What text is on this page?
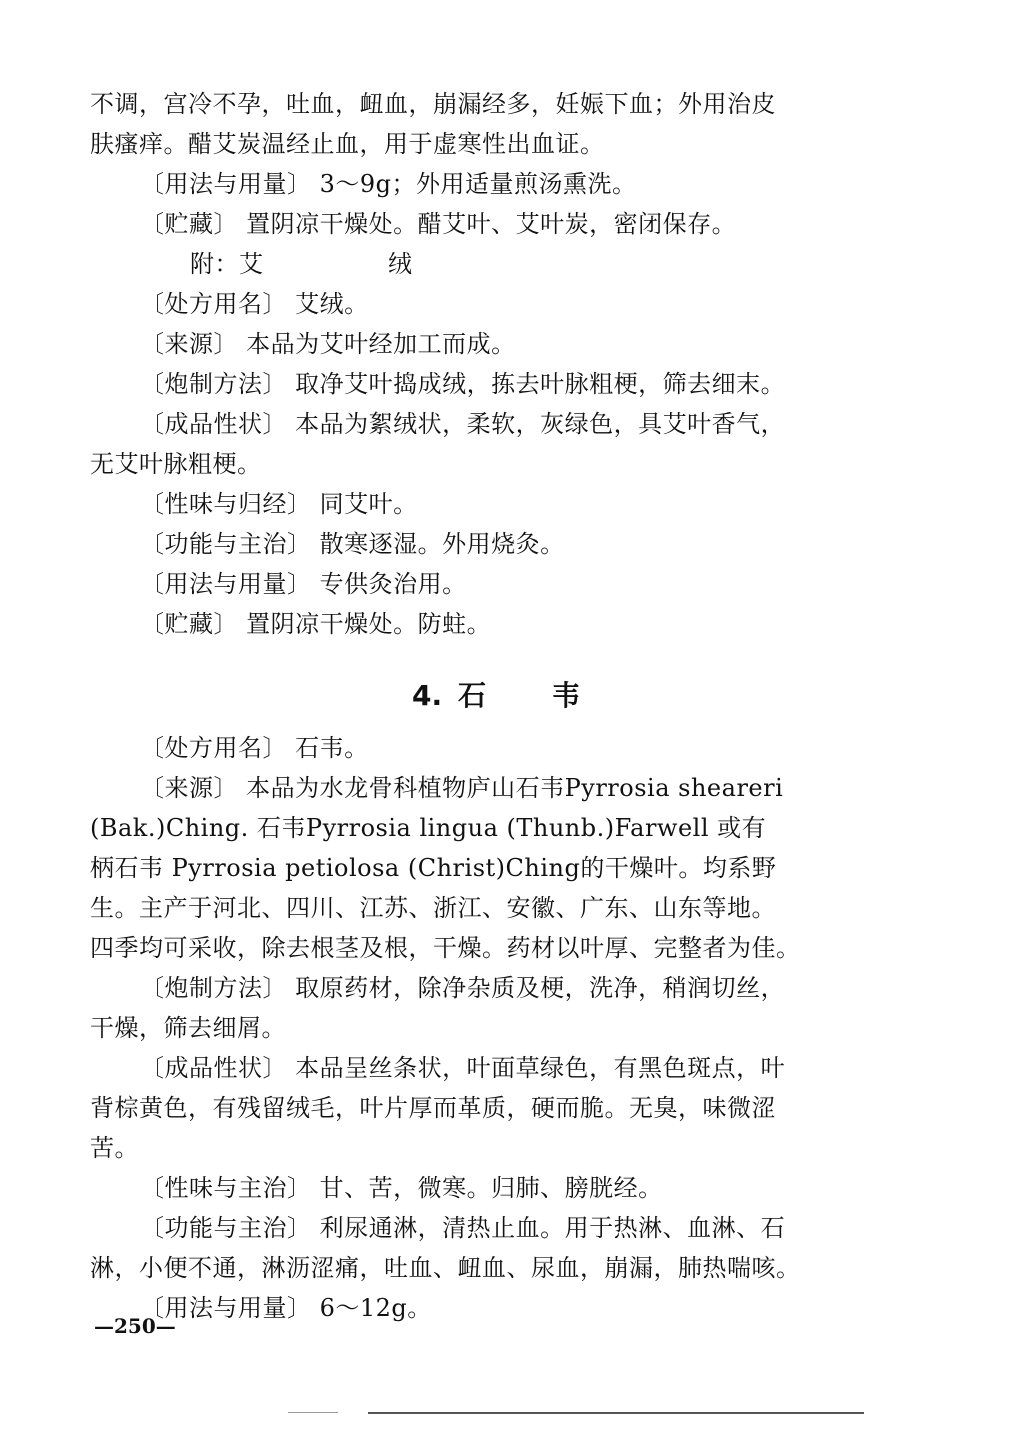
不调，宫冷不孕，吐血，衄血，崩漏经多，妊娠下血；外用治皮
肤瘙痒。醋艾炭温经止血，用于虚寒性出血证。
〔用法与用量〕 3～9g；外用适量煎汤熏洗。
〔贮藏〕 置阴凉干燥处。醋艾叶、艾叶炭，密闭保存。
附：艾	绒
〔处方用名〕 艾绒。
〔来源〕 本品为艾叶经加工而成。
〔炮制方法〕 取净艾叶捣成绒，拣去叶脉粗梗，筛去细末。
〔成品性状〕 本品为絮绒状，柔软，灰绿色，具艾叶香气，
无艾叶脉粗梗。
〔性味与归经〕 同艾叶。
〔功能与主治〕 散寒逐湿。外用烧灸。
〔用法与用量〕 专供灸治用。
〔贮藏〕 置阴凉干燥处。防蛀。
4. 石 韦
〔处方用名〕 石韦。
〔来源〕 本品为水龙骨科植物庐山石韦Pyrrosia sheareri
(Bak.)Ching. 石韦Pyrrosia lingua (Thunb.)Farwell 或有
柄石韦 Pyrrosia petiolosa (Christ)Ching的干燥叶。均系野
生。主产于河北、四川、江苏、浙江、安徽、广东、山东等地。
四季均可采收，除去根茎及根，干燥。药材以叶厚、完整者为佳。
〔炮制方法〕 取原药材，除净杂质及梗，洗净，稍润切丝，
干燥，筛去细屑。
〔成品性状〕 本品呈丝条状，叶面草绿色，有黑色斑点，叶
背棕黄色，有残留绒毛，叶片厚而革质，硬而脆。无臭，味微涩
苦。
〔性味与主治〕 甘、苦，微寒。归肺、膀胱经。
〔功能与主治〕 利尿通淋，清热止血。用于热淋、血淋、石
淋，小便不通，淋沥涩痛，吐血、衄血、尿血，崩漏，肺热喘咳。
〔用法与用量〕 6～12g。
—250—
